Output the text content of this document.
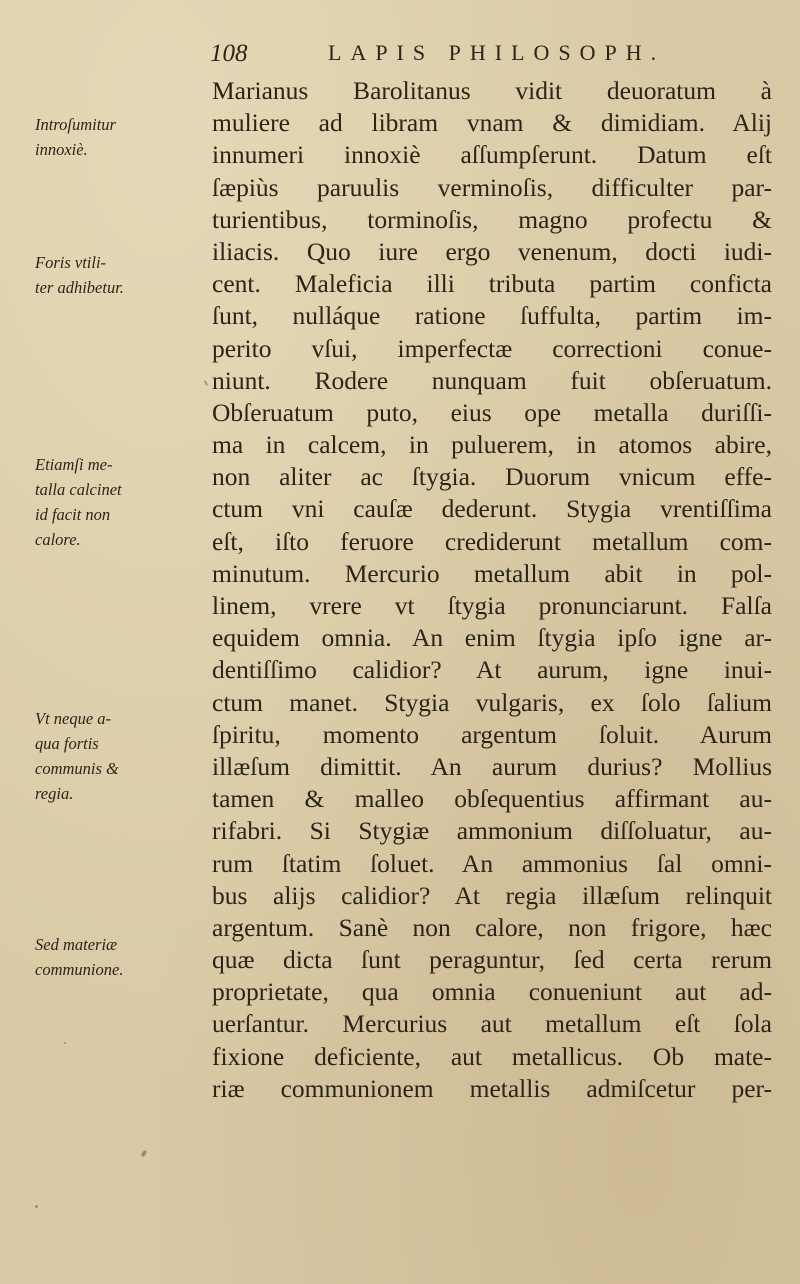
108	LAPIS PHILOSOPH.
Marianus Barolitanus vidit deuoratum à
muliere ad libram vnam & dimidiam. Alij
innumeri innoxiè aſſumpſerunt. Datum eſt
ſæpiùs paruulis verminoſis, difficulter par-
turientibus, torminoſis, magno profectu &
iliacis. Quo iure ergo venenum, docti iudi-
cent. Maleficia illi tributa partim conficta
ſunt, nulláque ratione ſuffulta, partim im-
perito vſui, imperfectæ correctioni conue-
niunt. Rodere nunquam fuit obſeruatum.
Obſeruatum puto, eius ope metalla duriſſi-
ma in calcem, in puluerem, in atomos abire,
non aliter ac ſtygia. Duorum vnicum effe-
ctum vni cauſæ dederunt. Stygia vrentiſſima
eſt, iſto feruore crediderunt metallum com-
minutum. Mercurio metallum abit in pol-
linem, vrere vt ſtygia pronunciarunt. Falſa
equidem omnia. An enim ſtygia ipſo igne ar-
dentiſſimo calidior? At aurum, igne inui-
ctum manet. Stygia vulgaris, ex ſolo ſalium
ſpiritu, momento argentum ſoluit. Aurum
illæſum dimittit. An aurum durius? Mollius
tamen & malleo obſequentius affirmant au-
rifabri. Si Stygiæ ammonium diſſoluatur, au-
rum ſtatim ſoluet. An ammonius ſal omni-
bus alijs calidior? At regia illæſum relinquit
argentum. Sanè non calore, non frigore, hæc
quæ dicta ſunt peraguntur, ſed certa rerum
proprietate, qua omnia conueniunt aut ad-
uerſantur. Mercurius aut metallum eſt ſola
fixione deficiente, aut metallicus. Ob mate-
riæ communionem metallis admiſcetur per-
Introſumitur
innoxiè.
Foris vtili-
ter adhibetur.
Etiamſi me-
talla calcinet
id facit non
calore.
Vt neque a-
qua fortis
communis &
regia.
Sed materiæ
communione.
